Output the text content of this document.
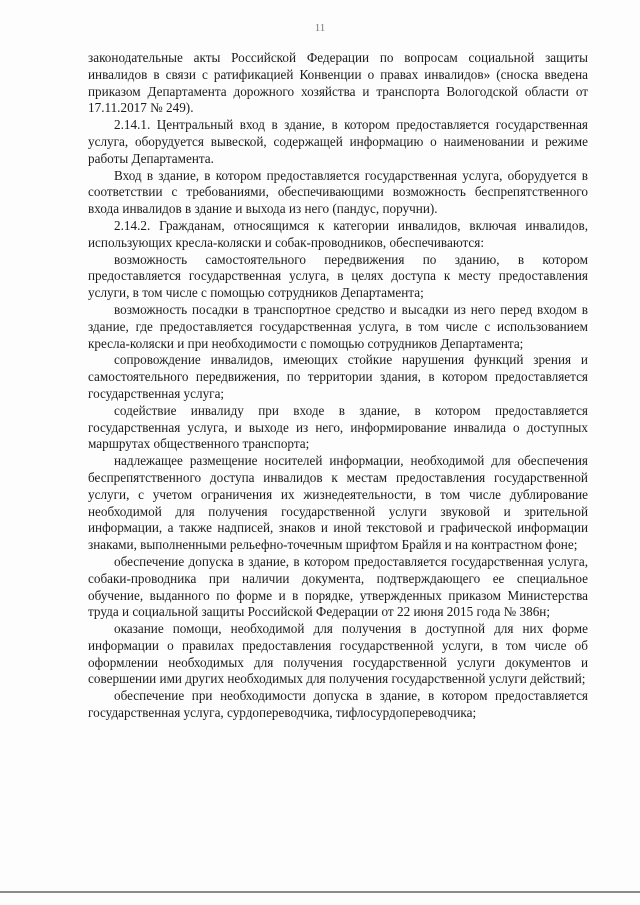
11

законодательные акты Российской Федерации по вопросам социальной защиты инвалидов в связи с ратификацией Конвенции о правах инвалидов» (сноска введена приказом Департамента дорожного хозяйства и транспорта Вологодской области от 17.11.2017 № 249).

2.14.1. Центральный вход в здание, в котором предоставляется государственная услуга, оборудуется вывеской, содержащей информацию о наименовании и режиме работы Департамента.

Вход в здание, в котором предоставляется государственная услуга, оборудуется в соответствии с требованиями, обеспечивающими возможность беспрепятственного входа инвалидов в здание и выхода из него (пандус, поручни).

2.14.2. Гражданам, относящимся к категории инвалидов, включая инвалидов, использующих кресла-коляски и собак-проводников, обеспечиваются:

возможность самостоятельного передвижения по зданию, в котором предоставляется государственная услуга, в целях доступа к месту предоставления услуги, в том числе с помощью сотрудников Департамента;

возможность посадки в транспортное средство и высадки из него перед входом в здание, где предоставляется государственная услуга, в том числе с использованием кресла-коляски и при необходимости с помощью сотрудников Департамента;

сопровождение инвалидов, имеющих стойкие нарушения функций зрения и самостоятельного передвижения, по территории здания, в котором предоставляется государственная услуга;

содействие инвалиду при входе в здание, в котором предоставляется государственная услуга, и выходе из него, информирование инвалида о доступных маршрутах общественного транспорта;

надлежащее размещение носителей информации, необходимой для обеспечения беспрепятственного доступа инвалидов к местам предоставления государственной услуги, с учетом ограничения их жизнедеятельности, в том числе дублирование необходимой для получения государственной услуги звуковой и зрительной информации, а также надписей, знаков и иной текстовой и графической информации знаками, выполненными рельефно-точечным шрифтом Брайля и на контрастном фоне;

обеспечение допуска в здание, в котором предоставляется государственная услуга, собаки-проводника при наличии документа, подтверждающего ее специальное обучение, выданного по форме и в порядке, утвержденных приказом Министерства труда и социальной защиты Российской Федерации от 22 июня 2015 года № 386н;

оказание помощи, необходимой для получения в доступной для них форме информации о правилах предоставления государственной услуги, в том числе об оформлении необходимых для получения государственной услуги документов и совершении ими других необходимых для получения государственной услуги действий;

обеспечение при необходимости допуска в здание, в котором предоставляется государственная услуга, сурдопереводчика, тифлосурдопереводчика;
